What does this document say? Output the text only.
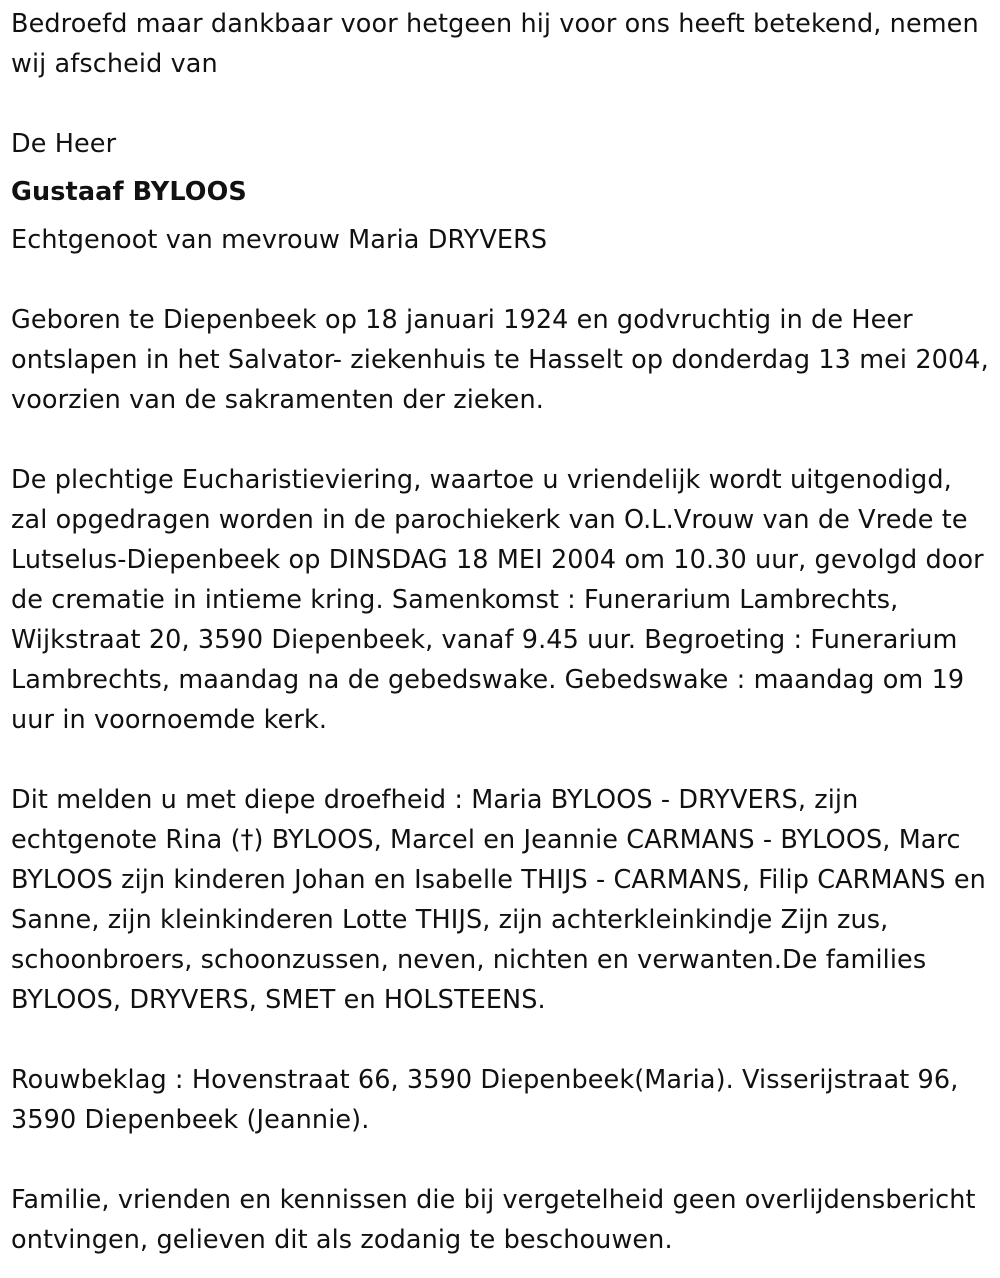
Bedroefd maar dankbaar voor hetgeen hij voor ons heeft betekend, nemen wij afscheid van

De Heer

Gustaaf BYLOOS

Echtgenoot van mevrouw Maria DRYVERS

Geboren te Diepenbeek op 18 januari 1924 en godvruchtig in de Heer ontslapen in het Salvator- ziekenhuis te Hasselt op donderdag 13 mei 2004, voorzien van de sakramenten der zieken.

De plechtige Eucharistieviering, waartoe u vriendelijk wordt uitgenodigd, zal opgedragen worden in de parochiekerk van O.L.Vrouw van de Vrede te Lutselus-Diepenbeek op DINSDAG 18 MEI 2004 om 10.30 uur, gevolgd door de crematie in intieme kring. Samenkomst : Funerarium Lambrechts, Wijkstraat 20, 3590 Diepenbeek, vanaf 9.45 uur. Begroeting : Funerarium Lambrechts, maandag na de gebedswake. Gebedswake : maandag om 19 uur in voornoemde kerk.

Dit melden u met diepe droefheid : Maria BYLOOS - DRYVERS, zijn echtgenote Rina (†) BYLOOS, Marcel en Jeannie CARMANS - BYLOOS, Marc BYLOOS zijn kinderen Johan en Isabelle THIJS - CARMANS, Filip CARMANS en Sanne, zijn kleinkinderen Lotte THIJS, zijn achterkleinkindje Zijn zus, schoonbroers, schoonzussen, neven, nichten en verwanten.De families BYLOOS, DRYVERS, SMET en HOLSTEENS.

Rouwbeklag : Hovenstraat 66, 3590 Diepenbeek(Maria). Visserijstraat 96, 3590 Diepenbeek (Jeannie).

Familie, vrienden en kennissen die bij vergetelheid geen overlijdensbericht ontvingen, gelieven dit als zodanig te beschouwen.
